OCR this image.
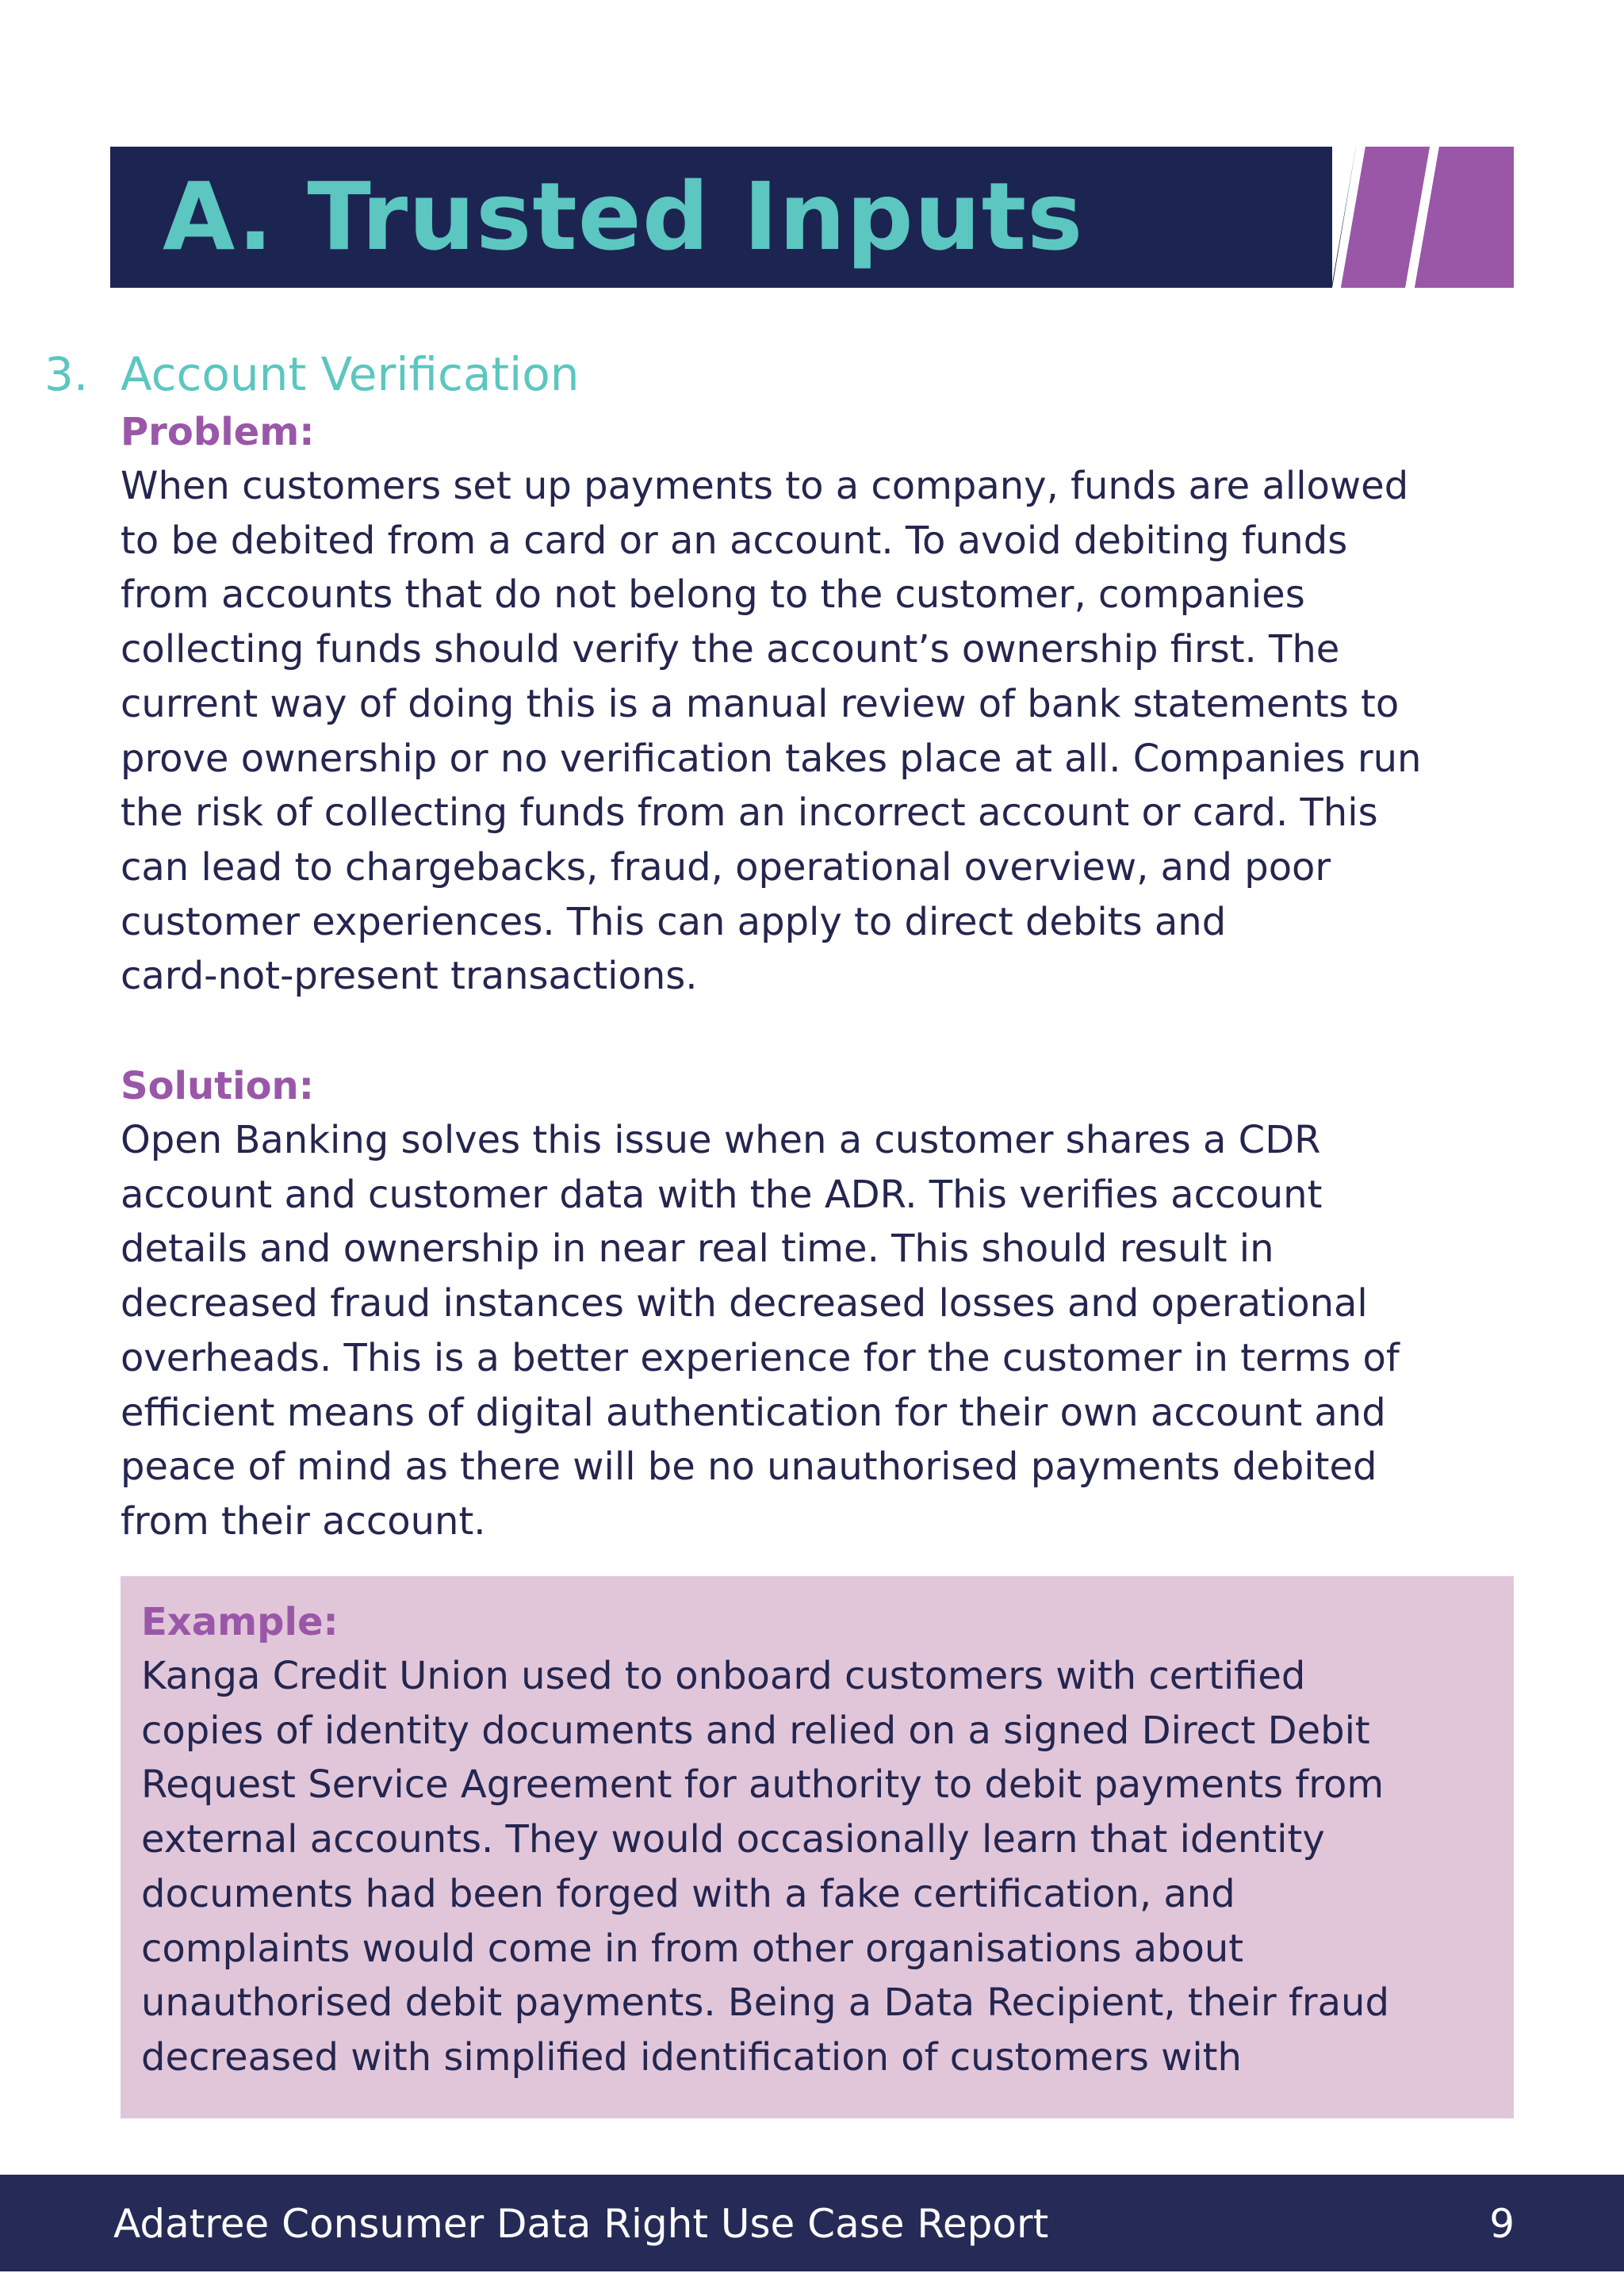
A. Trusted Inputs
3. Account Verification
Problem:
When customers set up payments to a company, funds are allowed
to be debited from a card or an account. To avoid debiting funds
from accounts that do not belong to the customer, companies
collecting funds should verify the account’s ownership first. The
current way of doing this is a manual review of bank statements to
prove ownership or no verification takes place at all. Companies run
the risk of collecting funds from an incorrect account or card. This
can lead to chargebacks, fraud, operational overview, and poor
customer experiences. This can apply to direct debits and
card-not-present transactions.
Solution:
Open Banking solves this issue when a customer shares a CDR
account and customer data with the ADR. This verifies account
details and ownership in near real time. This should result in
decreased fraud instances with decreased losses and operational
overheads. This is a better experience for the customer in terms of
efficient means of digital authentication for their own account and
peace of mind as there will be no unauthorised payments debited
from their account.
Example:
Kanga Credit Union used to onboard customers with certified
copies of identity documents and relied on a signed Direct Debit
Request Service Agreement for authority to debit payments from
external accounts. They would occasionally learn that identity
documents had been forged with a fake certification, and
complaints would come in from other organisations about
unauthorised debit payments. Being a Data Recipient, their fraud
decreased with simplified identification of customers with
Adatree Consumer Data Right Use Case Report	9
